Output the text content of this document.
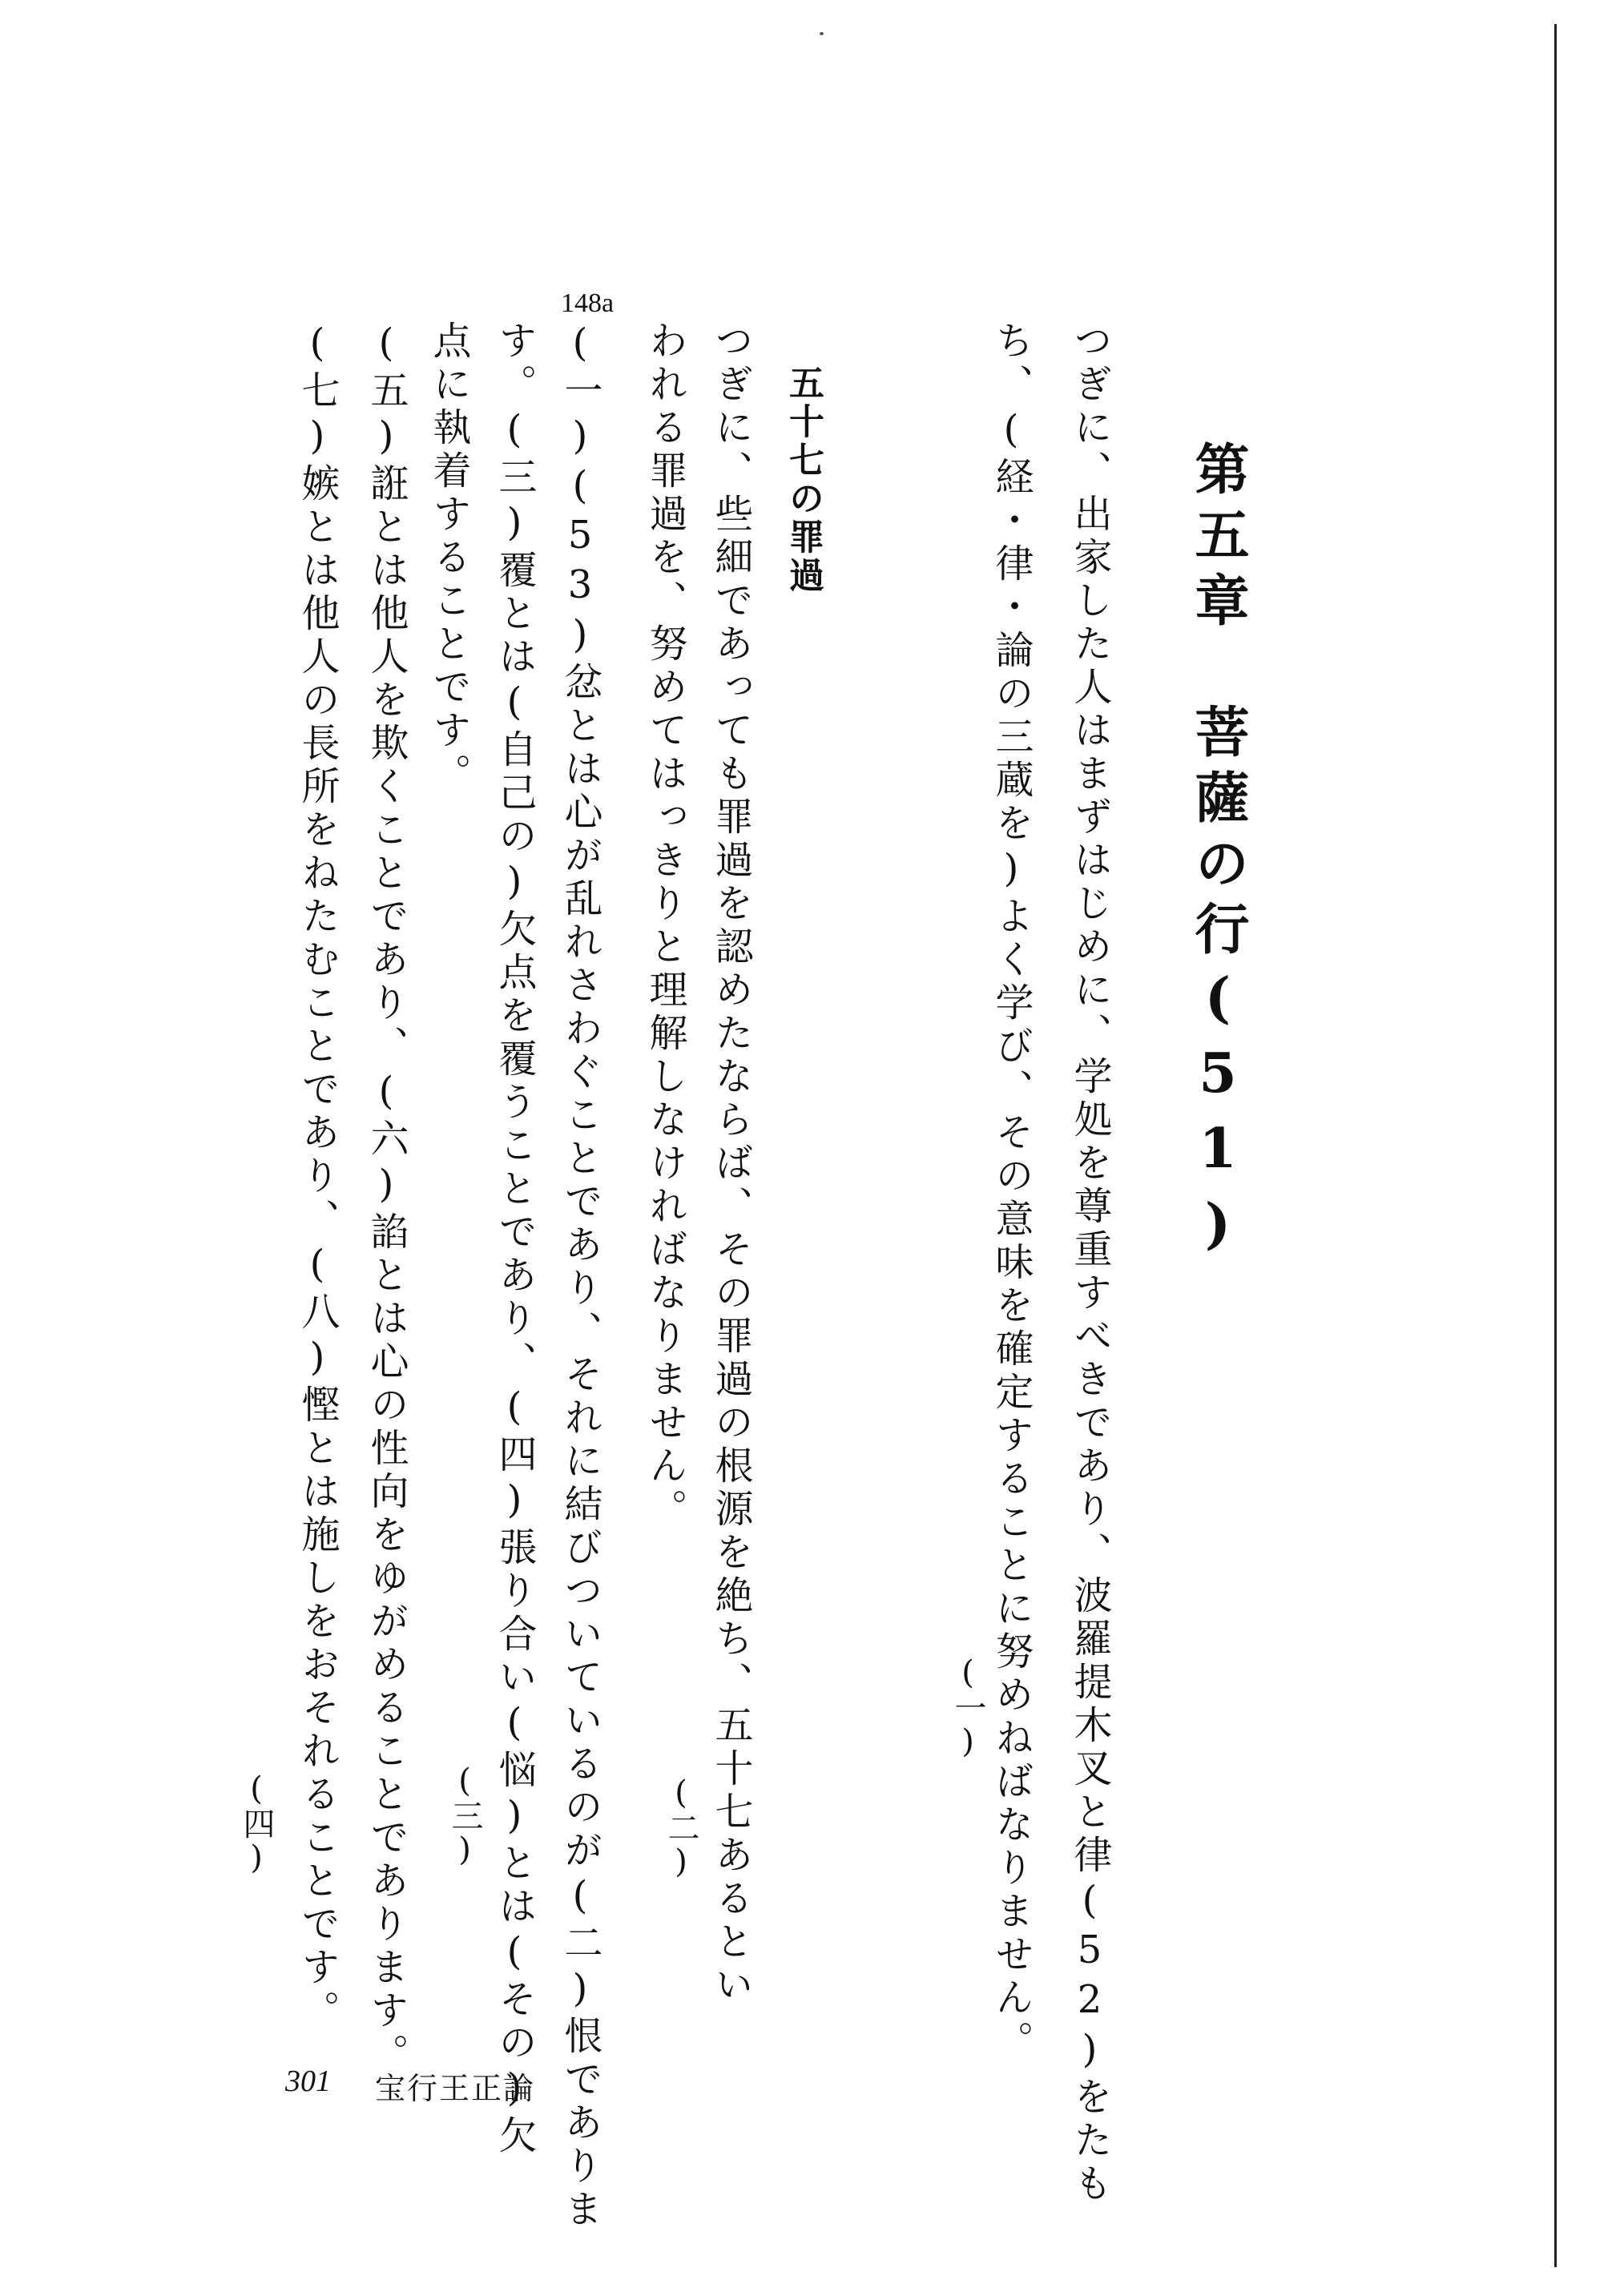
148a
第五章　菩薩の行(51)
つぎに、出家した人はまずはじめに、学処を尊重すべきであり、波羅提木叉と律(52)をたも
ち、(経・律・論の三蔵を)よく学び、その意味を確定することに努めねばなりません。
(一)
五十七の罪過
つぎに、些細であっても罪過を認めたならば、その罪過の根源を絶ち、五十七あるとい
われる罪過を、努めてはっきりと理解しなければなりません。
(二)
(一)(53)忿とは心が乱れさわぐことであり、それに結びついているのが(二)恨でありま
す。(三)覆とは(自己の)欠点を覆うことであり、(四)張り合い(悩)とは(その)欠
(三)
点に執着することです。
(五)誑とは他人を欺くことであり、(六)諂とは心の性向をゆがめることであります。
(七)嫉とは他人の長所をねたむことであり、(八)慳とは施しをおそれることです。
(四)
301 宝行王正論
